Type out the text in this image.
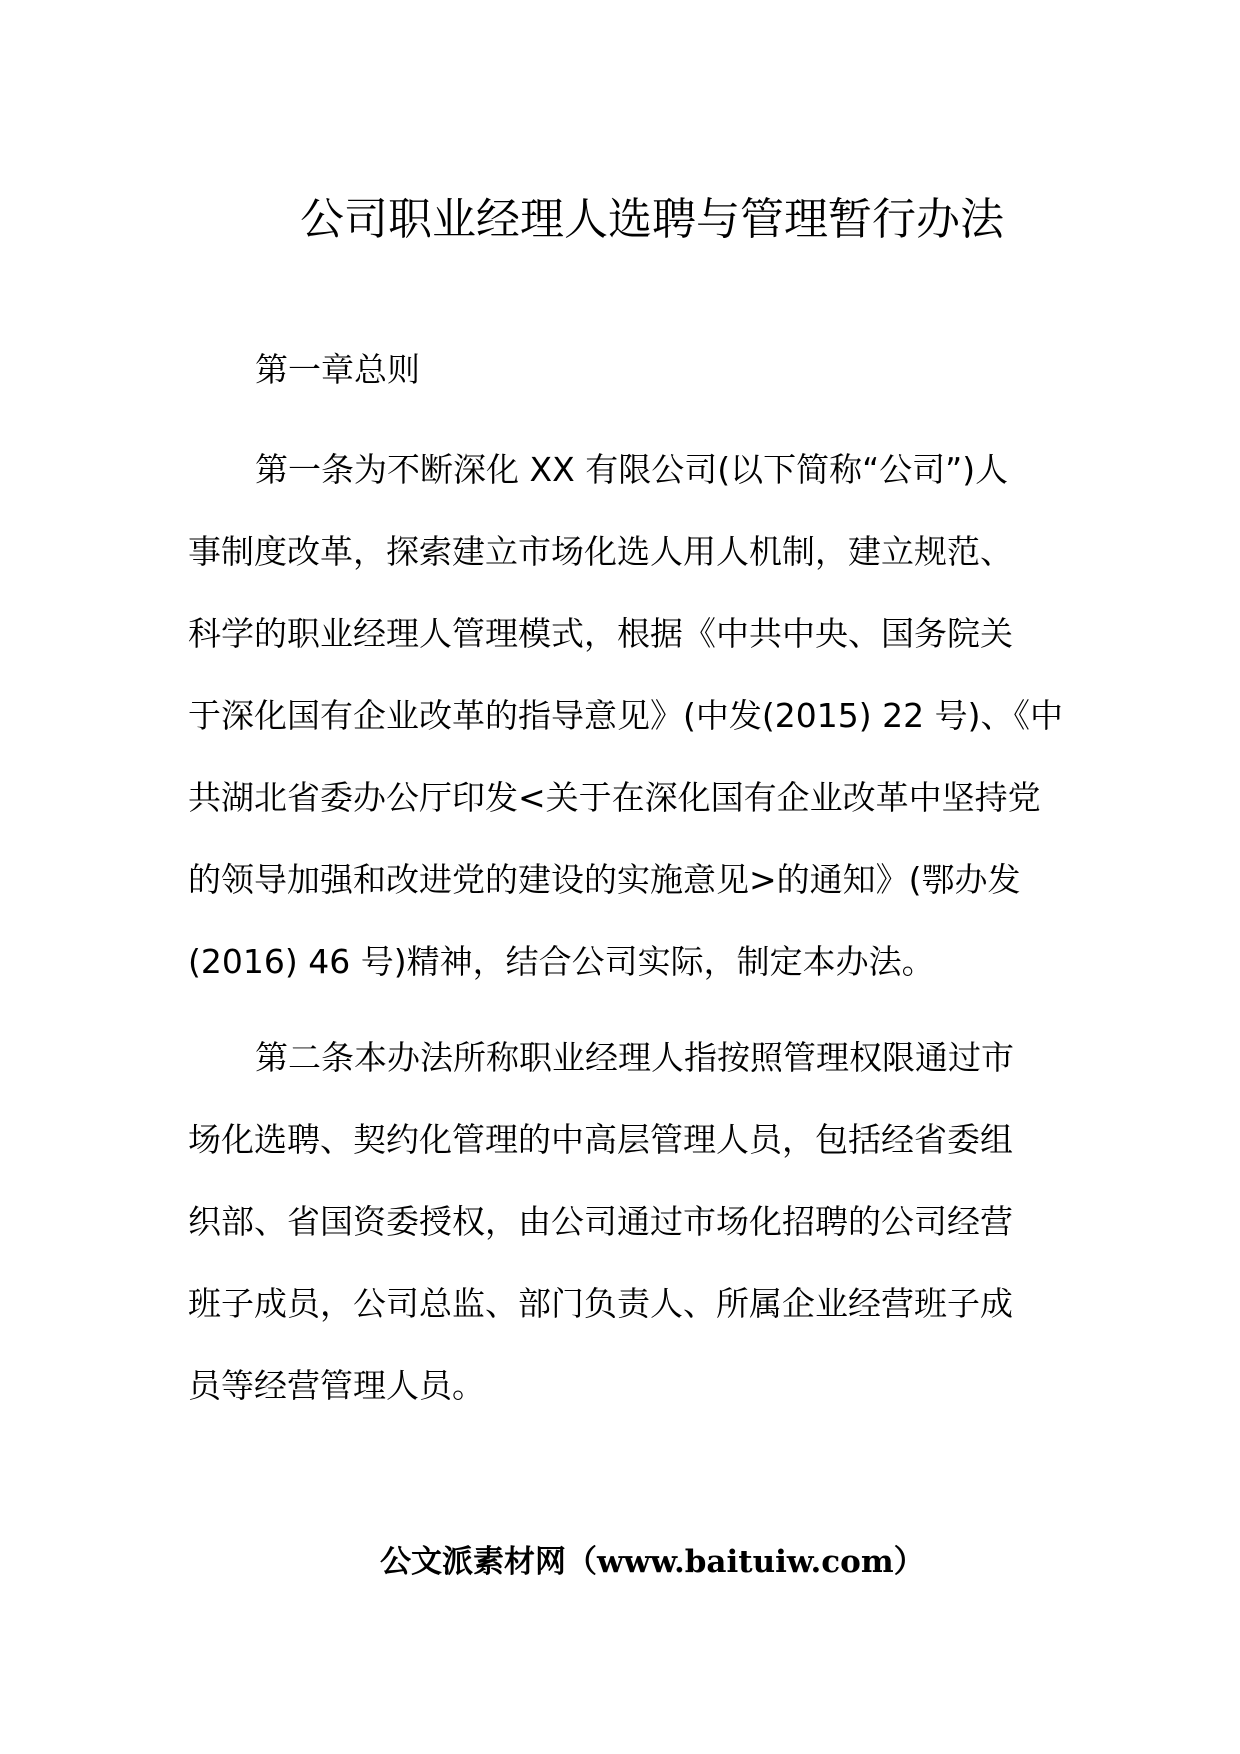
公司职业经理人选聘与管理暂行办法
第一章总则
第一条为不断深化 XX 有限公司(以下简称“公司”)人
事制度改革，探索建立市场化选人用人机制，建立规范、
科学的职业经理人管理模式，根据《中共中央、国务院关
于深化国有企业改革的指导意见》(中发(2015) 22 号)、《中
共湖北省委办公厅印发<关于在深化国有企业改革中坚持党
的领导加强和改进党的建设的实施意见>的通知》(鄂办发
(2016) 46 号)精神，结合公司实际，制定本办法。
第二条本办法所称职业经理人指按照管理权限通过市
场化选聘、契约化管理的中高层管理人员，包括经省委组
织部、省国资委授权，由公司通过市场化招聘的公司经营
班子成员，公司总监、部门负责人、所属企业经营班子成
员等经营管理人员。
公文派素材网（www.baituiw.com）
